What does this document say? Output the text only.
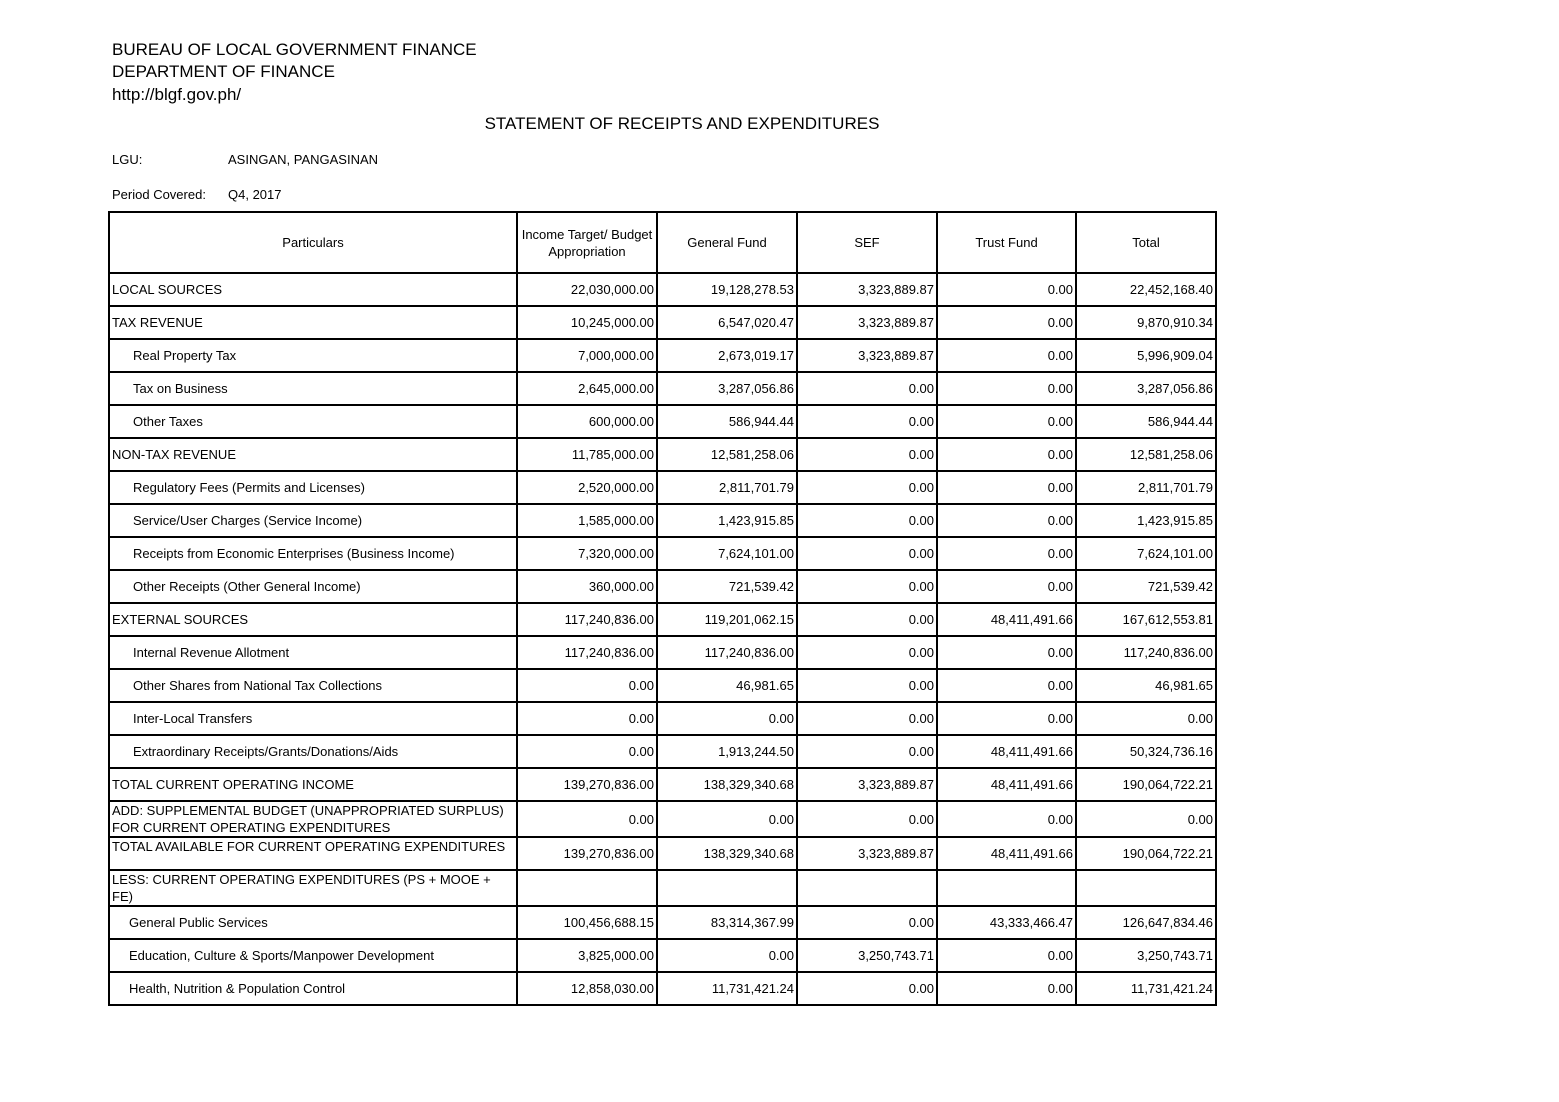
BUREAU OF LOCAL GOVERNMENT FINANCE
DEPARTMENT OF FINANCE
http://blgf.gov.ph/
STATEMENT OF RECEIPTS AND EXPENDITURES
LGU:	ASINGAN, PANGASINAN
Period Covered: Q4, 2017
Particulars	Income Target/ Budget Appropriation	General Fund	SEF	Trust Fund	Total
LOCAL SOURCES	22,030,000.00	19,128,278.53	3,323,889.87	0.00	22,452,168.40
TAX REVENUE	10,245,000.00	6,547,020.47	3,323,889.87	0.00	9,870,910.34
Real Property Tax	7,000,000.00	2,673,019.17	3,323,889.87	0.00	5,996,909.04
Tax on Business	2,645,000.00	3,287,056.86	0.00	0.00	3,287,056.86
Other Taxes	600,000.00	586,944.44	0.00	0.00	586,944.44
NON-TAX REVENUE	11,785,000.00	12,581,258.06	0.00	0.00	12,581,258.06
Regulatory Fees (Permits and Licenses)	2,520,000.00	2,811,701.79	0.00	0.00	2,811,701.79
Service/User Charges (Service Income)	1,585,000.00	1,423,915.85	0.00	0.00	1,423,915.85
Receipts from Economic Enterprises (Business Income)	7,320,000.00	7,624,101.00	0.00	0.00	7,624,101.00
Other Receipts (Other General Income)	360,000.00	721,539.42	0.00	0.00	721,539.42
EXTERNAL SOURCES	117,240,836.00	119,201,062.15	0.00	48,411,491.66	167,612,553.81
Internal Revenue Allotment	117,240,836.00	117,240,836.00	0.00	0.00	117,240,836.00
Other Shares from National Tax Collections	0.00	46,981.65	0.00	0.00	46,981.65
Inter-Local Transfers	0.00	0.00	0.00	0.00	0.00
Extraordinary Receipts/Grants/Donations/Aids	0.00	1,913,244.50	0.00	48,411,491.66	50,324,736.16
TOTAL CURRENT OPERATING INCOME	139,270,836.00	138,329,340.68	3,323,889.87	48,411,491.66	190,064,722.21
ADD: SUPPLEMENTAL BUDGET (UNAPPROPRIATED SURPLUS) FOR CURRENT OPERATING EXPENDITURES	0.00	0.00	0.00	0.00	0.00
TOTAL AVAILABLE FOR CURRENT OPERATING EXPENDITURES	139,270,836.00	138,329,340.68	3,323,889.87	48,411,491.66	190,064,722.21
LESS: CURRENT OPERATING EXPENDITURES (PS + MOOE + FE)					
General Public Services	100,456,688.15	83,314,367.99	0.00	43,333,466.47	126,647,834.46
Education, Culture & Sports/Manpower Development	3,825,000.00	0.00	3,250,743.71	0.00	3,250,743.71
Health, Nutrition & Population Control	12,858,030.00	11,731,421.24	0.00	0.00	11,731,421.24
